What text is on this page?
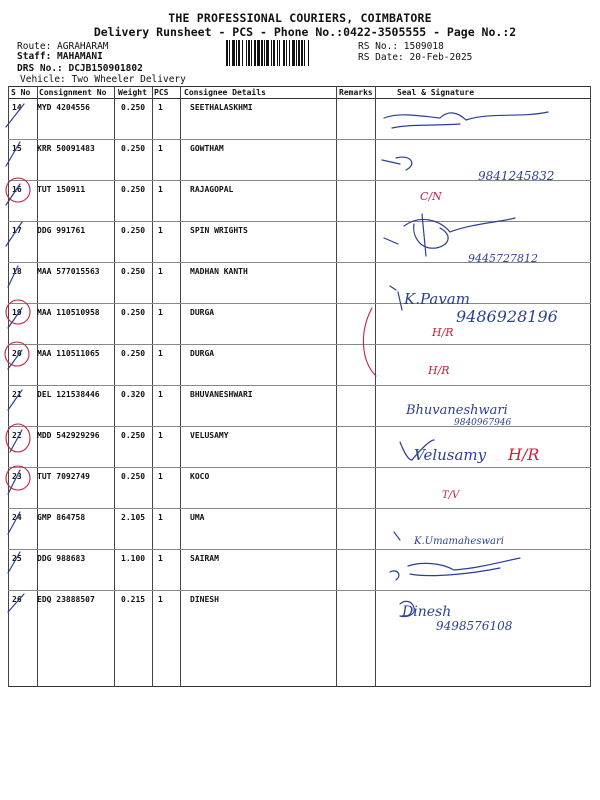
THE PROFESSIONAL COURIERS, COIMBATORE
Delivery Runsheet - PCS - Phone No.:0422-3505555 - Page No.:2
Route: AGRAHARAM
Staff: MAHAMANI
DRS No.: DCJB150901802
Vehicle: Two Wheeler Delivery
RS No.: 1509018
RS Date: 20-Feb-2025
S No Consignment No Weight PCS Consignee Details	Remarks	Seal & Signature
14 MYD 4204556	0.250 1	SEETHALASKHMI
15 KRR 50091483	0.250 1	GOWTHAM
16 TUT 150911	0.250 1	RAJAGOPAL
17 DDG 991761	0.250 1	SPIN WRIGHTS
18 MAA 577015563	0.250 1	MADHAN KANTH
19 MAA 110510958	0.250 1	DURGA
20 MAA 110511065	0.250 1	DURGA
21 DEL 121538446	0.320 1	BHUVANESHWARI
22 MDD 542929296	0.250 1	VELUSAMY
23 TUT 7092749	0.250 1	KOCO
24 GMP 864758	2.105 1	UMA
25 DDG 988683	1.100 1	SAIRAM
26 EDQ 23888507	0.215 1	DINESH
9841245832
C/N
9445727812
K.Pavam
9486928196
H/R
H/R
Bhuvaneshwari
9840967946
Velusamy H/R
T/V
K.Umamaheswari
Dinesh
9498576108
